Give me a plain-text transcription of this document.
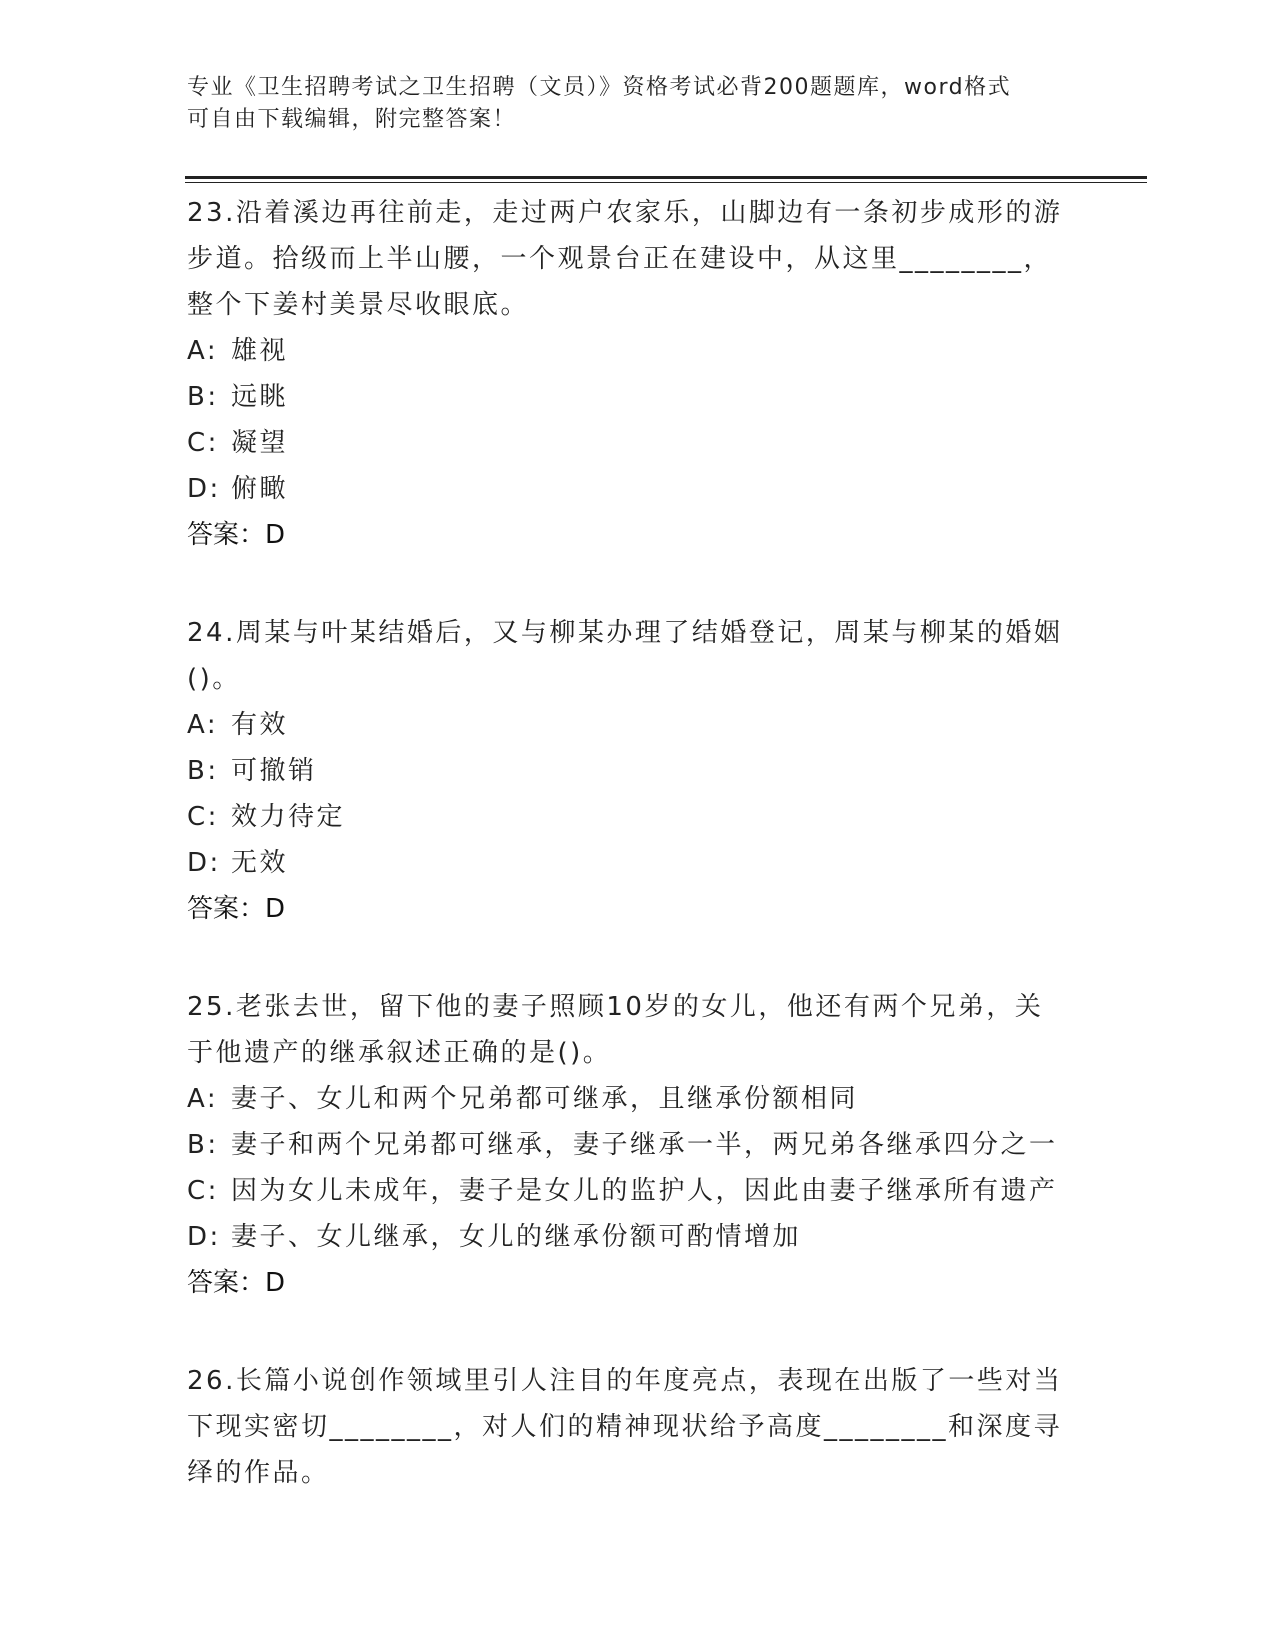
专业《卫生招聘考试之卫生招聘（文员）》资格考试必背200题题库，word格式
可自由下载编辑，附完整答案！

23.沿着溪边再往前走，走过两户农家乐，山脚边有一条初步成形的游

步道。拾级而上半山腰，一个观景台正在建设中，从这里________，

整个下姜村美景尽收眼底。

A: 雄视

B: 远眺

C: 凝望

D: 俯瞰

答案：D

24.周某与叶某结婚后，又与柳某办理了结婚登记，周某与柳某的婚姻

()。

A: 有效

B: 可撤销

C: 效力待定

D: 无效

答案：D

25.老张去世，留下他的妻子照顾10岁的女儿，他还有两个兄弟，关

于他遗产的继承叙述正确的是()。

A: 妻子、女儿和两个兄弟都可继承，且继承份额相同

B: 妻子和两个兄弟都可继承，妻子继承一半，两兄弟各继承四分之一

C: 因为女儿未成年，妻子是女儿的监护人，因此由妻子继承所有遗产

D: 妻子、女儿继承，女儿的继承份额可酌情增加

答案：D

26.长篇小说创作领域里引人注目的年度亮点，表现在出版了一些对当

下现实密切________，对人们的精神现状给予高度________和深度寻

绎的作品。
